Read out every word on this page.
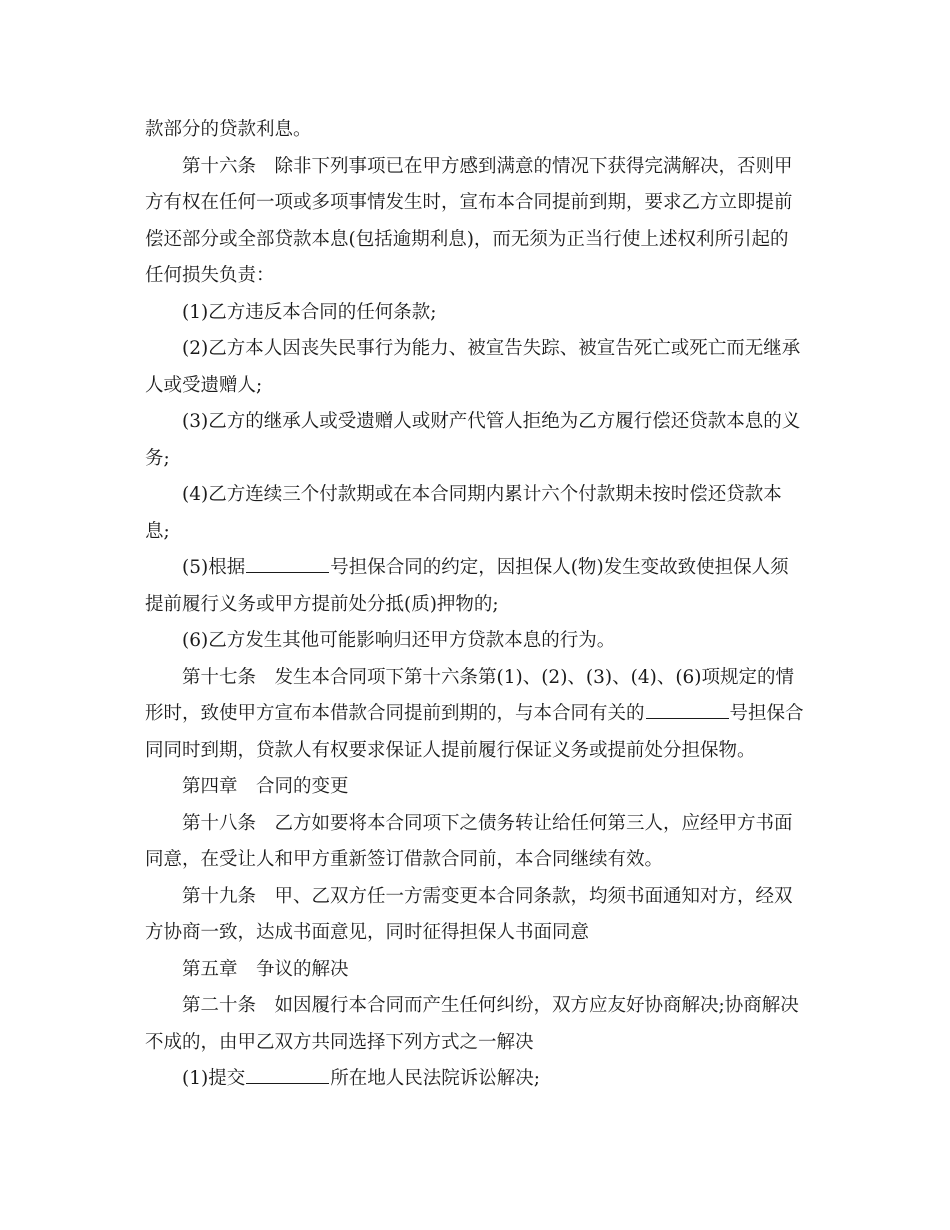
款部分的贷款利息。
第十六条　除非下列事项已在甲方感到满意的情况下获得完满解决，否则甲
方有权在任何一项或多项事情发生时，宣布本合同提前到期，要求乙方立即提前
偿还部分或全部贷款本息(包括逾期利息)，而无须为正当行使上述权利所引起的
任何损失负责：
(1)乙方违反本合同的任何条款;
(2)乙方本人因丧失民事行为能力、被宣告失踪、被宣告死亡或死亡而无继承
人或受遗赠人;
(3)乙方的继承人或受遗赠人或财产代管人拒绝为乙方履行偿还贷款本息的义
务;
(4)乙方连续三个付款期或在本合同期内累计六个付款期未按时偿还贷款本
息;
(5)根据	号担保合同的约定，因担保人(物)发生变故致使担保人须
提前履行义务或甲方提前处分抵(质)押物的;
(6)乙方发生其他可能影响归还甲方贷款本息的行为。
第十七条　发生本合同项下第十六条第(1)、(2)、(3)、(4)、(6)项规定的情
形时，致使甲方宣布本借款合同提前到期的，与本合同有关的	号担保合
同同时到期，贷款人有权要求保证人提前履行保证义务或提前处分担保物。
第四章　合同的变更
第十八条　乙方如要将本合同项下之债务转让给任何第三人，应经甲方书面
同意，在受让人和甲方重新签订借款合同前，本合同继续有效。
第十九条　甲、乙双方任一方需变更本合同条款，均须书面通知对方，经双
方协商一致，达成书面意见，同时征得担保人书面同意
第五章　争议的解决
第二十条　如因履行本合同而产生任何纠纷，双方应友好协商解决;协商解决
不成的，由甲乙双方共同选择下列方式之一解决
(1)提交	所在地人民法院诉讼解决;
